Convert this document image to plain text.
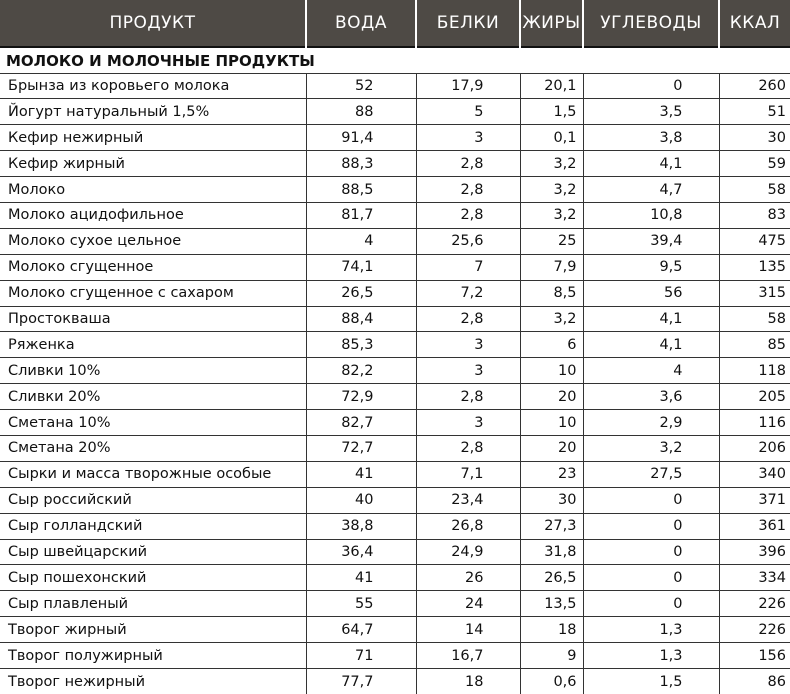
ПРОДУКТ	ВОДА	БЕЛКИ	ЖИРЫ	УГЛЕВОДЫ	ККАЛ
МОЛОКО И МОЛОЧНЫЕ ПРОДУКТЫ					
Брынза из коровьего молока	52	17,9	20,1	0	260
Йогурт натуральный 1,5%	88	5	1,5	3,5	51
Кефир нежирный	91,4	3	0,1	3,8	30
Кефир жирный	88,3	2,8	3,2	4,1	59
Молоко	88,5	2,8	3,2	4,7	58
Молоко ацидофильное	81,7	2,8	3,2	10,8	83
Молоко сухое цельное	4	25,6	25	39,4	475
Молоко сгущенное	74,1	7	7,9	9,5	135
Молоко сгущенное с сахаром	26,5	7,2	8,5	56	315
Простокваша	88,4	2,8	3,2	4,1	58
Ряженка	85,3	3	6	4,1	85
Сливки 10%	82,2	3	10	4	118
Сливки 20%	72,9	2,8	20	3,6	205
Сметана 10%	82,7	3	10	2,9	116
Сметана 20%	72,7	2,8	20	3,2	206
Сырки и масса творожные особые	41	7,1	23	27,5	340
Сыр российский	40	23,4	30	0	371
Сыр голландский	38,8	26,8	27,3	0	361
Сыр швейцарский	36,4	24,9	31,8	0	396
Сыр пошехонский	41	26	26,5	0	334
Сыр плавленый	55	24	13,5	0	226
Творог жирный	64,7	14	18	1,3	226
Творог полужирный	71	16,7	9	1,3	156
Творог нежирный	77,7	18	0,6	1,5	86
